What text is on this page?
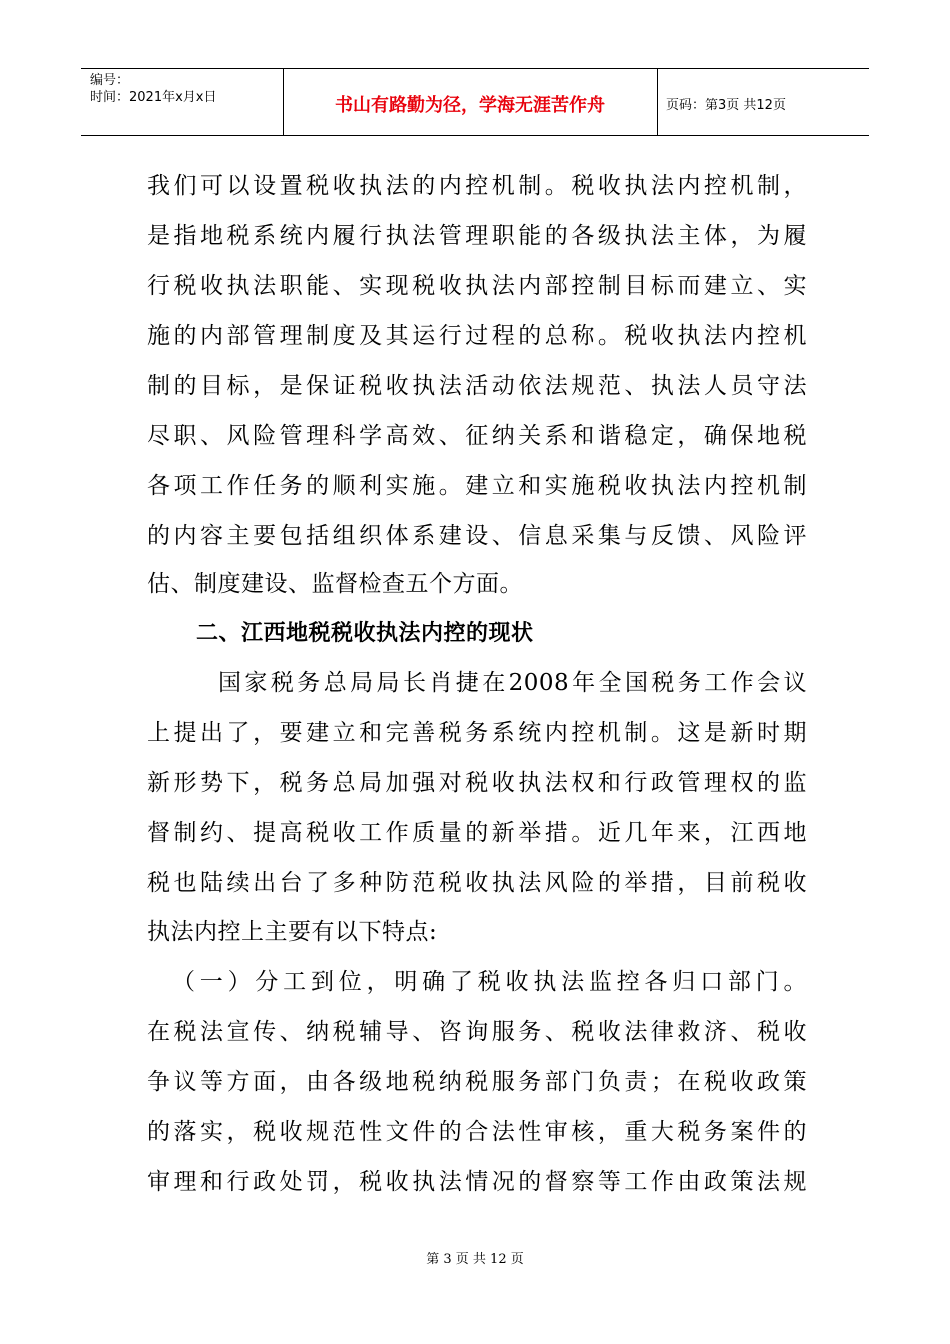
编号：
时间：2021年x月x日	书山有路勤为径，学海无涯苦作舟	页码：第3页 共12页
我们可以设置税收执法的内控机制。税收执法内控机制，
是指地税系统内履行执法管理职能的各级执法主体，为履
行税收执法职能、实现税收执法内部控制目标而建立、实
施的内部管理制度及其运行过程的总称。税收执法内控机
制的目标，是保证税收执法活动依法规范、执法人员守法
尽职、风险管理科学高效、征纳关系和谐稳定，确保地税
各项工作任务的顺利实施。建立和实施税收执法内控机制
的内容主要包括组织体系建设、信息采集与反馈、风险评
估、制度建设、监督检查五个方面。
二、江西地税税收执法内控的现状
国家税务总局局长肖捷在2008年全国税务工作会议
上提出了，要建立和完善税务系统内控机制。这是新时期
新形势下，税务总局加强对税收执法权和行政管理权的监
督制约、提高税收工作质量的新举措。近几年来，江西地
税也陆续出台了多种防范税收执法风险的举措，目前税收
执法内控上主要有以下特点:
（一）分工到位，明确了税收执法监控各归口部门。
在税法宣传、纳税辅导、咨询服务、税收法律救济、税收
争议等方面，由各级地税纳税服务部门负责；在税收政策
的落实，税收规范性文件的合法性审核，重大税务案件的
审理和行政处罚，税收执法情况的督察等工作由政策法规
第 3 页 共 12 页
